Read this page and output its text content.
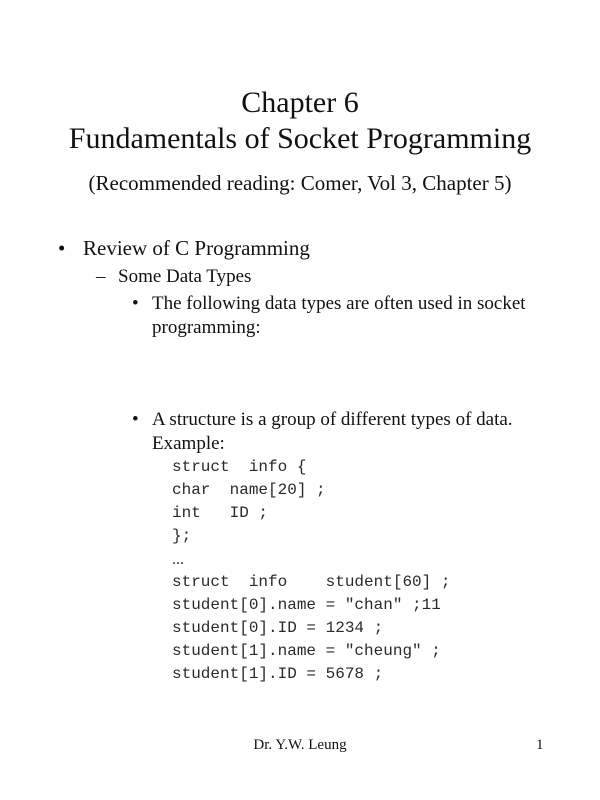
Chapter 6
Fundamentals of Socket Programming
(Recommended reading: Comer, Vol 3, Chapter 5)
• Review of C Programming
– Some Data Types
• The following data types are often used in socket
programming:
• A structure is a group of different types of data.
Example:
struct  info {
char  name[20] ;
int   ID ;
};
...
struct  info    student[60] ;
student[0].name = "chan" ;11
student[0].ID = 1234 ;
student[1].name = "cheung" ;
student[1].ID = 5678 ;
Dr. Y.W. Leung	1
